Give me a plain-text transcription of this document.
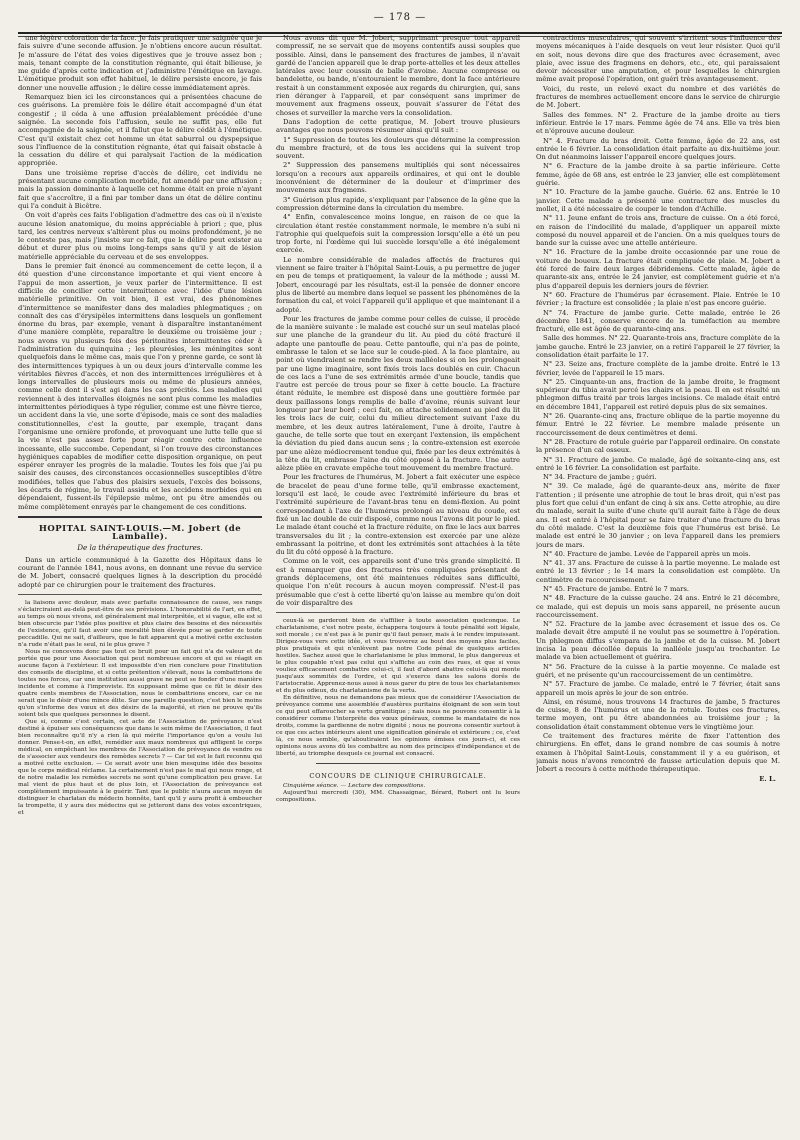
— 178 —

une légère coloration de la face. Je fais pratiquer une saignée que je fais suivre d'une seconde affusion. Je n'obtiens encore aucun résultat. Je m'assure de l'état des voies digestives que je trouve assez bon ; mais, tenant compte de la constitution régnante, qui était bilieuse, je me guide d'après cette indication et j'administre l'émétique en lavage. L'émétique produit son effet habituel, le délire persiste encore, je fais donner une nouvelle affusion ; le délire cesse immédiatement après.

Remarquez bien ici les circonstances qui a présentées chacune de ces guérisons. La première fois le délire était accompagné d'un état congestif ; il céda à une affusion préalablement précédée d'une saignée. La seconde fois l'affusion, seule ne suffit pas, elle fut accompagnée de la saignée, et il fallut que le délire cédât à l'émétique. C'est qu'il existait chez cet homme un état saburral ou dyspepsique sous l'influence de la constitution régnante, état qui faisait obstacle à la cessation du délire et qui paralysait l'action de la médication appropriée.

Dans une troisième reprise d'accès de délire, cet individu ne présentant aucune complication morbide, fut amendé par une affusion ; mais la passion dominante à laquelle cet homme était en proie n'ayant fait que s'accroître, il a fini par tomber dans un état de délire continu qui l'a conduit à Bicêtre.

On voit d'après ces faits l'obligation d'admettre des cas où il n'existe aucune lésion anatomique, du moins appréciable à priori ; que, plus tard, les centres nerveux s'altèrent plus ou moins profondément, je ne le conteste pas, mais j'insiste sur ce fait, que le délire peut exister au début et durer plus ou moins long-temps sans qu'il y ait de lésion matérielle appréciable du cerveau et de ses enveloppes.

Dans le premier fait énoncé au commencement de cette leçon, il a été question d'une circonstance importante et qui vient encore à l'appui de mon assertion, je veux parler de l'intermittence. Il est difficile de concilier cette intermittence avec l'idée d'une lésion matérielle primitive. On voit bien, il est vrai, des phénomènes d'intermittence se manifester dans des maladies phlegmatiques ; on connaît des cas d'érysipèles intermittens dans lesquels un gonflement énorme du bras, par exemple, venant à disparaître instantanément d'une manière complète, reparaître le deuxième ou troisième jour ; nous avons vu plusieurs fois des péritonites intermittentes céder à l'administration du quinquina ; les pleurésies, les méningites sont quelquefois dans le même cas, mais que l'on y prenne garde, ce sont là des intermittences typiques à un ou deux jours d'intervalle comme les véritables fièvres d'accès, et non des intermittences irrégulières et à longs intervalles de plusieurs mois ou même de plusieurs années, comme celle dont il s'est agi dans les cas précités. Les maladies qui reviennent à des intervalles éloignés ne sont plus comme les maladies intermittentes périodiques à type régulier, comme est une fièvre tierce, un accident dans la vie, une sorte d'épisode, mais ce sont des maladies constitutionnelles, c'est la goutte, par exemple, traçant dans l'organisme une ornière profonde, et provoquant une lutte telle que si la vie n'est pas assez forte pour réagir contre cette influence incessante, elle succombe. Cependant, si l'on trouve des circonstances hygiéniques capables de modifier cette disposition organique, on peut espérer enrayer les progrès de la maladie. Toutes les fois que j'ai pu saisir des causes, des circonstances occasionnelles susceptibles d'être modifiées, telles que l'abus des plaisirs sexuels, l'excès des boissons, les écarts de régime, le travail assidu et les accidens morbides qui en dépendaient, fussent-ils l'épilepsie même, ont pu être amendés ou même complètement enrayés par le changement de ces conditions.

HOPITAL SAINT-LOUIS.—M. Jobert (de Lamballe).
De la thérapeutique des fractures.

Dans un article communiqué à la Gazette des Hôpitaux dans le courant de l'année 1841, nous avons, en donnant une revue du service de M. Jobert, consacré quelques lignes à la description du procédé adopté par ce chirurgien pour le traitement des fractures.

la liaisons avec douleur, mais avec parfaite connaissance de cause, ses rangs s'éclairciraient au-delà peut-être de ses prévisions. L'honorabilité de l'art, en effet, au temps où nous vivons, est généralement mal interprétée, et si vague, elle est si bien obscurcie par l'idée plus positive et plus claire des besoins et des nécessités de l'existence, qu'il faut avoir une moralité bien élevée pour se garder de toute peccadille. Qui ne sait, d'ailleurs, que le fait apparent qui a motivé cette exclusion n'a rude n'était pas le seul, ni le plus grave ?

Nous ne concevons donc pas tout ce bruit pour un fait qui n'a de valeur et de portée que pour une Association qui peut nombreuse encore et qui se réagit en aucune façon à l'extérieur. Il est impossible d'en rien conclure pour l'institution des conseils de discipline, et si cette prétention s'élevait, nous la combattrions de toutes nos forces, car une institution aussi grave ne peut se fonder d'une manière incidente et comme à l'improviste. En supposant même que ce fût le désir des quatre cents membres de l'Association, nous le combattrions encore, car ce ne serait que le désir d'une mince élite. Sur une pareille question, c'est bien le moins qu'on s'informe des vœux et des désirs de la majorité, et rien ne prouve qu'ils soient tels que quelques personnes le disent.

Que si, comme c'est certain, cet acte de l'Association de prévoyance n'est destiné à épuiser ses conséquences que dans le sein même de l'Association, il faut bien reconnaître qu'il n'y a rien là qui mérite l'importance qu'on a voulu lui donner. Pense-t-on, en effet, remédier aux maux nombreux qui affligent le corps médical, en empêchant les membres de l'Association de prévoyance de vendre ou de s'associer aux vendeurs des remèdes secrets ? — Car tel est le fait reconnu qui a motivé cette exclusion. — Ce serait avoir une bien mesquine idée des besoins que le corps médical réclame. La certainement n'est pas le mal qui nous ronge, et de notre maladie les remèdes secrets ne sont qu'une complication peu grave. Le mal vient de plus haut et de plus loin, et l'Association de prévoyance est complètement impuissante à le guérir. Tant que le public n'aura aucun moyen de distinguer le charlatan du médecin honnête, tant qu'il y aura profit à emboucher la trompette, il y aura des médecins qui se jetteront dans des voies excentriques, et

Nous avons dit que M. Jobert, supprimant presque tout appareil compressif, ne se servait que de moyens contentifs aussi souples que possible. Ainsi, dans le pansement des fractures de jambes, il n'avait gardé de l'ancien appareil que le drap porte-attelles et les deux attelles latérales avec leur coussin de balle d'avoine. Aucune compresse ou bandelette, ou bande, n'entouraient le membre, dont la face antérieure restait à un constamment exposée aux regards du chirurgien, qui, sans rien déranger à l'appareil, et par conséquent sans imprimer de mouvement aux fragmens osseux, pouvait s'assurer de l'état des choses et surveiller la marche vers la consolidation.

Dans l'adoption de cette pratique, M. Jobert trouve plusieurs avantages que nous pouvons résumer ainsi qu'il suit :

1° Suppression de toutes les douleurs que détermine la compression du membre fracturé, et de tous les accidens qui la suivent trop souvent.

2° Suppression des pansemens multipliés qui sont nécessaires lorsqu'on a recours aux appareils ordinaires, et qui ont le double inconvénient de déterminer de la douleur et d'imprimer des mouvemens aux fragmens.

3° Guérison plus rapide, s'expliquant par l'absence de la gêne que la compression détermine dans la circulation du membre.

4° Enfin, convalescence moins longue, en raison de ce que la circulation étant restée constamment normale, le membre n'a subi ni l'atrophie qui quelquefois suit la compression lorsqu'elle a été un peu trop forte, ni l'œdème qui lui succède lorsqu'elle a été inégalement exercée.

Le nombre considérable de malades affectés de fractures qui viennent se faire traiter à l'hôpital Saint-Louis, a pu permettre de juger en peu de temps et pratiquement, la valeur de la méthode ; aussi M. Jobert, encouragé par les résultats, est-il la pensée de donner encore plus de liberté au membre dans lequel se passent les phénomènes de la formation du cal, et voici l'appareil qu'il applique et que maintenant il a adopté.

Pour les fractures de jambe comme pour celles de cuisse, il procède de la manière suivante : le malade est couché sur un seul matelas placé sur une planche de la grandeur du lit. Au pied du côté fracturé il adapte une pantoufle de peau. Cette pantoufle, qui n'a pas de pointe, embrasse le talon et se lace sur le coude-pied. A la face plantaire, au point où viendraient se rendre les deux malléoles si on les prolongeait par une ligne imaginaire, sont fixés trois lacs doublés en cuir. Chacun de ces lacs a l'une de ses extrémités armée d'une boucle, tandis que l'autre est percée de trous pour se fixer à cette boucle. La fracture étant réduite, le membre est disposé dans une gouttière formée par deux paillassons longs remplis de balle d'avoine, réunis suivant leur longueur par leur bord ; ceci fait, on attache solidement au pied du lit les trois lacs de cuir, celui du milieu directement suivant l'axe du membre, et les deux autres latéralement, l'une à droite, l'autre à gauche, de telle sorte que tout en exerçant l'extension, ils empêchent la déviation du pied dans aucun sens ; la contre-extension est exercée par une alèze médiocrement tendue qui, fixée par les deux extrémités à la tête du lit, embrasse l'aine du côté opposé à la fracture. Une autre alèze plièe en cravate empêche tout mouvement du membre fracturé.

Pour les fractures de l'humérus, M. Jobert a fait exécuter une espèce de bracelet de peau d'une forme telle, qu'il embrasse exactement, lorsqu'il est lacé, le coude avec l'extrémité inférieure du bras et l'extrémité supérieure de l'avant-bras tenu en demi-flexion. Au point correspondant à l'axe de l'humérus prolongé au niveau du coude, est fixé un lac double de cuir disposé, comme nous l'avons dit pour le pied. Le malade étant couché et la fracture réduite, on fixe le lacs aux barres transversales du lit ; la contre-extension est exercée par une alèze embrassant la poitrine, et dont les extrémités sont attachées à la tête du lit du côté opposé à la fracture.

Comme on le voit, ces appareils sont d'une très grande simplicité. Il est à remarquer que des fractures très compliquées présentant de grands déplacemens, ont été maintenues réduites sans difficulté, quoique l'on n'eût recours à aucun moyen compressif. N'est-il pas présumable que c'est à cette liberté qu'on laisse au membre qu'on doit de voir disparaître des

ceux-là se garderont bien de s'affilier à toute association quelconque. Le charlatanisme, c'est notre peste, échappera toujours à toute pénalité soit légale, soit morale ; ce n'est pas à le punir qu'il faut penser, mais à le rendre impuissant. Dirigez-vous vers cette idée, et vous trouverez au bout des moyens plus faciles, plus pratiqués et qui n'enlèvent pas notre Code pénal de quelques articles hostiles. Sachez aussi que le charlatanisme le plus immoral, le plus dangereux et le plus coupable n'est pas celui qui s'affiche au coin des rues, et que si vous vouliez efficacement combattre celui-ci, il faut d'abord abattre celui-là qui monte jusqu'aux sommités de l'ordre, et qui s'exerce dans les salons dorés de l'aristocratie. Apprenez-nous aussi à nous garer du pire de tous les charlatanismes et du plus odieux, du charlatanisme de la vertu.

En définitive, nous ne demandons pas mieux que de considérer l'Association de prévoyance comme une assemblée d'austères puritains éloignant de son sein tout ce qui peut effaroucher sa vertu granitique ; nais nous ne pouvons consentir à la considérer comme l'interprète des vœux généraux, comme le mandataire de nos droits, comme la gardienne de notre dignité ; nous ne pouvons consentir surtout à ce que ces actes intérieurs aient une signification générale et extérieure ; ce, c'est là, ce nous semble, qu'aboutiraient les opinions émises ces jours-ci, et ces opinions nous avons dû les combattre au nom des principes d'indépendance et de liberté, au triomphe desquels ce journal est consacré.

CONCOURS DE CLINIQUE CHIRURGICALE.

Cinquième séance. — Lecture des compositions.

Aujourd'hui mercredi (30), MM. Chassaignac, Bérard, Robert ont lu leurs compositions.

contractions musculaires, qui souvent s'irritent sous l'influence des moyens mécaniques à l'aide desquels on veut leur résister. Quoi qu'il en soit, nous devons dire que des fractures avec écrasement, avec plaie, avec issue des fragmens en dehors, etc., etc, qui paraissaient devoir nécessiter une amputation, et pour lesquelles le chirurgien même avait proposé l'opération, ont guéri très avantageusement.

Voici, du reste, un relevé exact du nombre et des variétés de fractures de membres actuellement encore dans le service de chirurgie de M. Jobert.

Salles des femmes. N° 2. Fracture de la jambe droite au tiers inférieur. Entrée le 17 mars. Femme âgée de 74 ans. Elle va très bien et n'éprouve aucune douleur.

N° 4. Fracture du bras droit. Cette femme, âgée de 22 ans, est entrée le 6 février. La consolidation était parfaite au dix-huitième jour. On dut néanmoins laisser l'appareil encore quelques jours.

N° 6. Fracture de la jambe droite à sa partie inférieure. Cette femme, âgée de 68 ans, est entrée le 23 janvier, elle est complètement guérie.

N° 10. Fracture de la jambe gauche. Guérie. 62 ans. Entrée le 10 janvier. Cette malade a présenté une contracture des muscles du mollet, il a été nécessaire de couper le tendon d'Achille.

N° 11. Jeune enfant de trois ans, fracture de cuisse. On a été forcé, en raison de l'indocilité du malade, d'appliquer un appareil mixte composé du nouvel appareil et de l'ancien. On a mis quelques tours de bande sur la cuisse avec une attelle antérieure.

N° 16. Fracture de la jambe droite occasionnée par une roue de voiture de boueux. La fracture était compliquée de plaie. M. Jobert a été forcé de faire deux larges débridemens. Cette malade, âgée de quarante-six ans, entrée le 24 janvier, est complètement guérie et n'a plus d'appareil depuis les derniers jours de février.

N° 60. Fracture de l'humérus par écrasement. Plaie. Entrée le 10 février ; la fracture est consolidée ; la plaie n'est pas encore guérie.

N° 74. Fracture de jambe gurie. Cette malade, entrée le 26 décembre 1841, conserve encore de la tuméfaction au membre fracturé, elle est âgée de quarante-cinq ans.

Salle des hommes. N° 22. Quarante-trois ans, fracture complète de la jambe gauche. Entré le 23 janvier, on a retiré l'appareil le 27 février, la consolidation était parfaite le 17.

N° 23. Seize ans, fracture complète de la jambe droite. Entré le 13 février, levée de l'appareil le 15 mars.

N° 25. Cinquante-un ans, fraction de la jambe droite, le fragment supérieur du tibia avait percé les chairs et la peau. Il en est résulté un phlegmon diffus traité par trois larges incisions. Ce malade était entré en décembre 1841, l'appareil est retiré depuis plus de six semaines.

N° 26. Quarante-cinq ans, fracture oblique de la partie moyenne du fémur. Entré le 22 février. Le membre malade présente un raccourcissement de deux centimètres et demi.

N° 28. Fracture de rotule guérie par l'appareil ordinaire. On constate la présence d'un cal osseux.

N° 31. Fracture de jambe. Ce malade, âgé de soixante-cinq ans, est entré le 16 février. La consolidation est parfaite.

N° 34. Fracture de jambe ; guéri.

N° 39. Ce malade, âgé de quarante-deux ans, mérite de fixer l'attention ; il présente une atrophie de tout le bras droit, qui n'est pas plus fort que celui d'un enfant de cinq à six ans. Cette atrophie, au dire du malade, serait la suite d'une chute qu'il aurait faite à l'âge de deux ans. Il est entré à l'hôpital pour se faire traiter d'une fracture du bras du côté malade. C'est la deuxième fois que l'humérus est brisé. Le malade est entré le 30 janvier ; on leva l'appareil dans les premiers jours de mars.

N° 40. Fracture de jambe. Levée de l'appareil après un mois.

N° 41. 37 ans. Fracture de cuisse à la partie moyenne. Le malade est entré le 13 février ; le 14 mars la consolidation est complète. Un centimètre de raccourcissement.

N° 45. Fracture de jambe. Entré le 7 mars.

N° 48. Fracture de la cuisse gauche. 24 ans. Entré le 21 décembre, ce malade, qui est depuis un mois sans appareil, ne présente aucun raccourcissement.

N° 52. Fracture de la jambe avec écrasement et issue des os. Ce malade devait être amputé il ne voulut pas se soumettre à l'opération. Un phlegmon diffus s'empara de la jambe et de la cuisse. M. Jobert incisa la peau décollée depuis la malléole jusqu'au trochanter. Le malade va bien actuellement et guérira.

N° 56. Fracture de la cuisse à la partie moyenne. Ce malade est guéri, et ne présente qu'un raccourcissement de un centimètre.

N° 57. Fracture de jambe. Ce malade, entré le 7 février, était sans appareil un mois après le jour de son entrée.

Ainsi, en résumé, nous trouvons 14 fractures de jambe, 5 fractures de cuisse, 8 de l'humérus et une de la rotule. Toutes ces fractures, terme moyen, ont pu être abandonnées au troisième jour ; la consolidation était constamment obtenue vers le vingtième jour.

Ce traitement des fractures mérite de fixer l'attention des chirurgiens. En effet, dans le grand nombre de cas soumis à notre examen à l'hôpital Saint-Louis, constamment il y a eu guérison, et jamais nous n'avons rencontré de fausse articulation depuis que M. Jobert a recours à cette méthode thérapeutique.

E. L.
